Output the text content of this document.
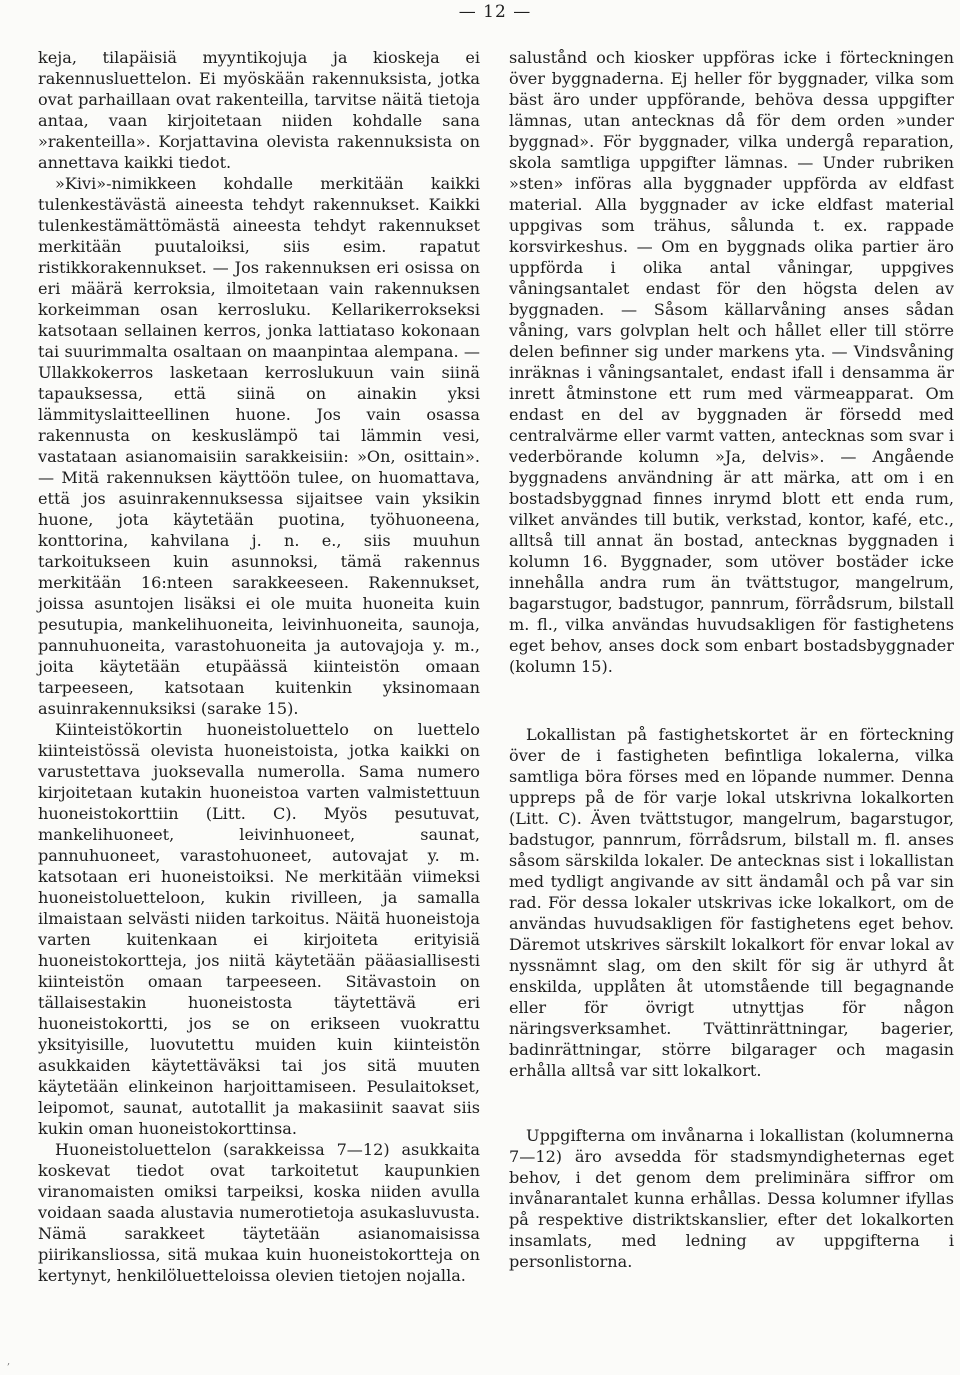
— 12 —

keja, tilapäisiä myyntikojuja ja kioskeja ei rakennusluettelon. Ei myöskään rakennuksista, jotka ovat parhaillaan ovat rakenteilla, tarvitse näitä tietoja antaa, vaan kirjoitetaan niiden kohdalle sana »rakenteilla». Korjattavina olevista rakennuksista on annettava kaikki tiedot.

»Kivi»-nimikkeen kohdalle merkitään kaikki tulenkestävästä aineesta tehdyt rakennukset. Kaikki tulenkestämättömästä aineesta tehdyt rakennukset merkitään puutaloiksi, siis esim. rapatut ristikkorakennukset. — Jos rakennuksen eri osissa on eri määrä kerroksia, ilmoitetaan vain rakennuksen korkeimman osan kerrosluku. Kellarikerrokseksi katsotaan sellainen kerros, jonka lattiataso kokonaan tai suurimmalta osaltaan on maanpintaa alempana. — Ullakkokerros lasketaan kerroslukuun vain siinä tapauksessa, että siinä on ainakin yksi lämmityslaitteellinen huone. Jos vain osassa rakennusta on keskuslämpö tai lämmin vesi, vastataan asianomaisiin sarakkeisiin: »On, osittain». — Mitä rakennuksen käyttöön tulee, on huomattava, että jos asuinrakennuksessa sijaitsee vain yksikin huone, jota käytetään puotina, työhuoneena, konttorina, kahvilana j. n. e., siis muuhun tarkoitukseen kuin asunnoksi, tämä rakennus merkitään 16:nteen sarakkeeseen. Rakennukset, joissa asuntojen lisäksi ei ole muita huoneita kuin pesutupia, mankelihuoneita, leivinhuoneita, saunoja, pannuhuoneita, varastohuoneita ja autovajoja y. m., joita käytetään etupäässä kiinteistön omaan tarpeeseen, katsotaan kuitenkin yksinomaan asuinrakennuksiksi (sarake 15).

Kiinteistökortin huoneistoluettelo on luettelo kiinteistössä olevista huoneistoista, jotka kaikki on varustettava juoksevalla numerolla. Sama numero kirjoitetaan kutakin huoneistoa varten valmistettuun huoneistokorttiin (Litt. C). Myös pesutuvat, mankelihuoneet, leivinhuoneet, saunat, pannuhuoneet, varastohuoneet, autovajat y. m. katsotaan eri huoneistoiksi. Ne merkitään viimeksi huoneistoluetteloon, kukin rivilleen, ja samalla ilmaistaan selvästi niiden tarkoitus. Näitä huoneistoja varten kuitenkaan ei kirjoiteta erityisiä huoneistokortteja, jos niitä käytetään pääasiallisesti kiinteistön omaan tarpeeseen. Sitävastoin on tällaisestakin huoneistosta täytettävä eri huoneistokortti, jos se on erikseen vuokrattu yksityisille, luovutettu muiden kuin kiinteistön asukkaiden käytettäväksi tai jos sitä muuten käytetään elinkeinon harjoittamiseen. Pesulaitokset, leipomot, saunat, autotallit ja makasiinit saavat siis kukin oman huoneistokorttinsa.

Huoneistoluettelon (sarakkeissa 7—12) asukkaita koskevat tiedot ovat tarkoitetut kaupunkien viranomaisten omiksi tarpeiksi, koska niiden avulla voidaan saada alustavia numerotietoja asukasluvusta. Nämä sarakkeet täytetään asianomaisissa piirikansliossa, sitä mukaa kuin huoneistokortteja on kertynyt, henkilöluetteloissa olevien tietojen nojalla.

salustånd och kiosker uppföras icke i förteckningen över byggnaderna. Ej heller för byggnader, vilka som bäst äro under uppförande, behöva dessa uppgifter lämnas, utan antecknas då för dem orden »under byggnad». För byggnader, vilka undergå reparation, skola samtliga uppgifter lämnas. — Under rubriken »sten» införas alla byggnader uppförda av eldfast material. Alla byggnader av icke eldfast material uppgivas som trähus, sålunda t. ex. rappade korsvirkeshus. — Om en byggnads olika partier äro uppförda i olika antal våningar, uppgives våningsantalet endast för den högsta delen av byggnaden. — Såsom källarvåning anses sådan våning, vars golvplan helt och hållet eller till större delen befinner sig under markens yta. — Vindsvåning inräknas i våningsantalet, endast ifall i densamma är inrett åtminstone ett rum med värmeapparat. Om endast en del av byggnaden är försedd med centralvärme eller varmt vatten, antecknas som svar i vederbörande kolumn »Ja, delvis». — Angående byggnadens användning är att märka, att om i en bostadsbyggnad finnes inrymd blott ett enda rum, vilket användes till butik, verkstad, kontor, kafé, etc., alltså till annat än bostad, antecknas byggnaden i kolumn 16. Byggnader, som utöver bostäder icke innehålla andra rum än tvättstugor, mangelrum, bagarstugor, badstugor, pannrum, förrådsrum, bilstall m. fl., vilka användas huvudsakligen för fastighetens eget behov, anses dock som enbart bostadsbyggnader (kolumn 15).

Lokallistan på fastighetskortet är en förteckning över de i fastigheten befintliga lokalerna, vilka samtliga böra förses med en löpande nummer. Denna uppreps på de för varje lokal utskrivna lokalkorten (Litt. C). Även tvättstugor, mangelrum, bagarstugor, badstugor, pannrum, förrådsrum, bilstall m. fl. anses såsom särskilda lokaler. De antecknas sist i lokallistan med tydligt angivande av sitt ändamål och på var sin rad. För dessa lokaler utskrivas icke lokalkort, om de användas huvudsakligen för fastighetens eget behov. Däremot utskrives särskilt lokalkort för envar lokal av nyssnämnt slag, om den skilt för sig är uthyrd åt enskilda, upplåten åt utomstående till begagnande eller för övrigt utnyttjas för någon näringsverksamhet. Tvättinrättningar, bagerier, badinrättningar, större bilgarager och magasin erhålla alltså var sitt lokalkort.

Uppgifterna om invånarna i lokallistan (kolumnerna 7—12) äro avsedda för stadsmyndigheternas eget behov, i det genom dem preliminära siffror om invånarantalet kunna erhållas. Dessa kolumner ifyllas på respektive distriktskanslier, efter det lokalkorten insamlats, med ledning av uppgifterna i personlistorna.

,
